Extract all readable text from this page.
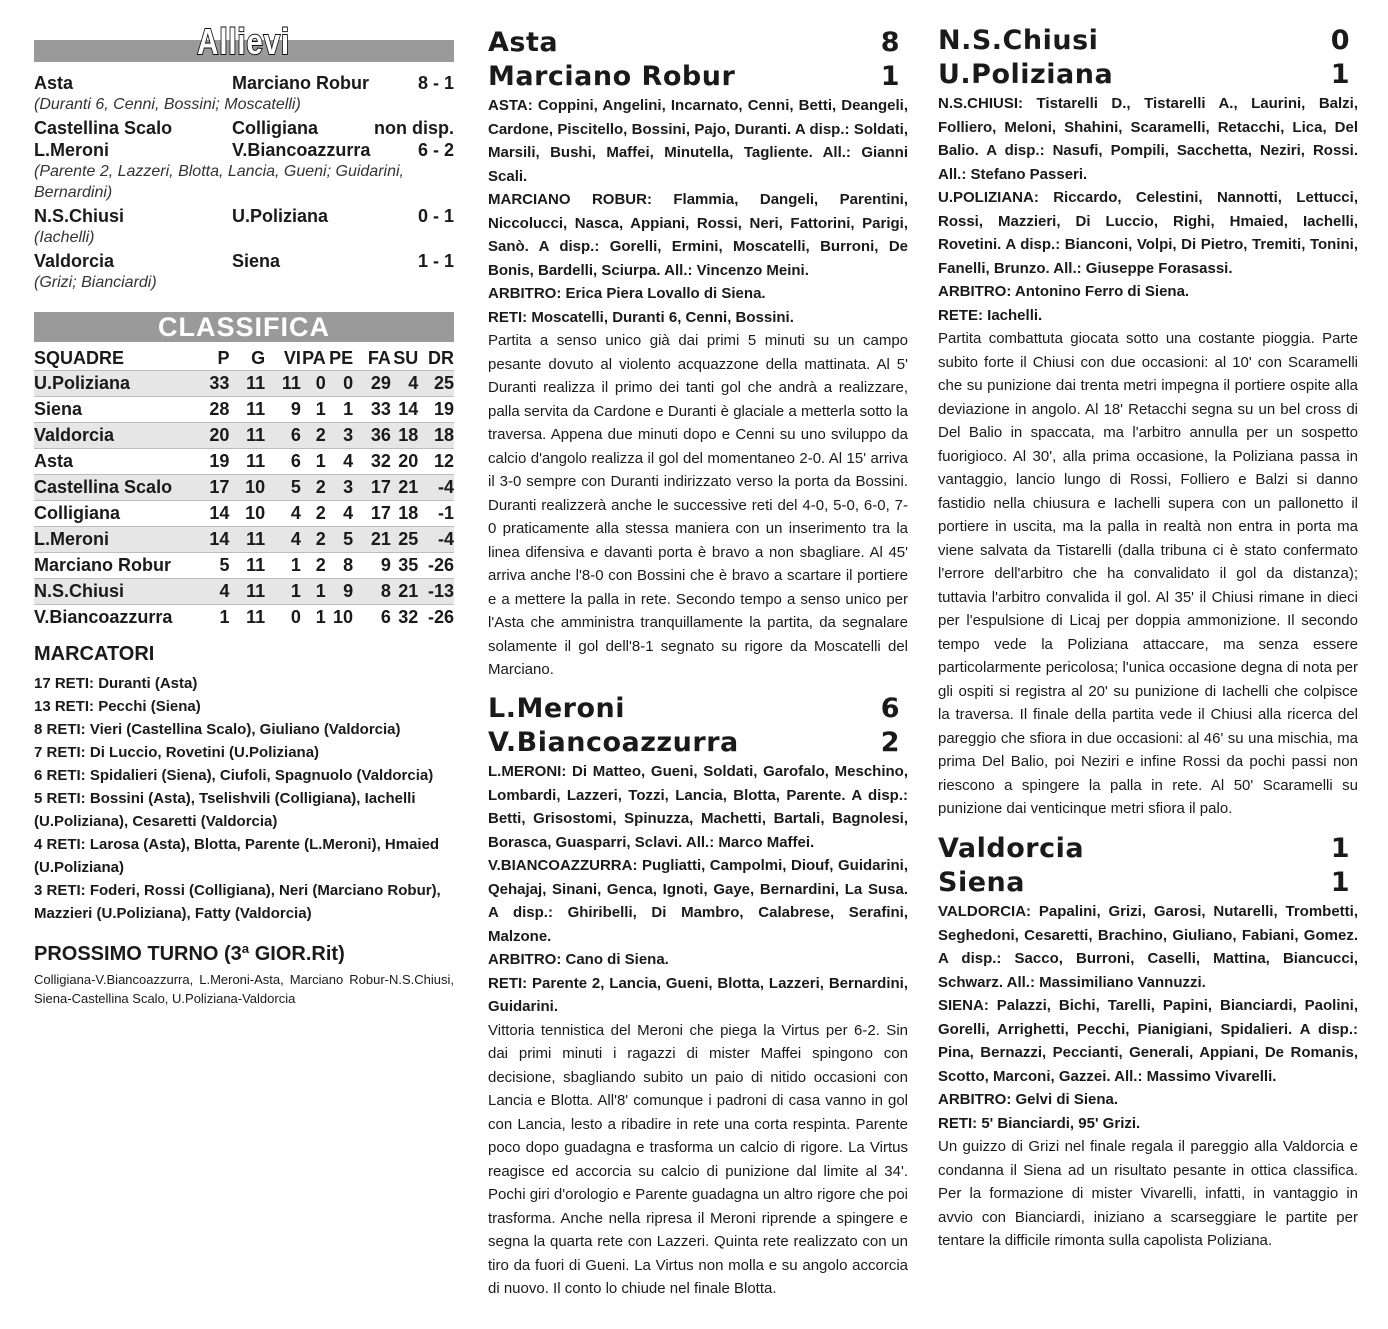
Allievi
Asta	Marciano Robur	8 - 1
(Duranti 6, Cenni, Bossini; Moscatelli)
Castellina Scalo	Colligiana	non disp.
L.Meroni	V.Biancoazzurra	6 - 2
(Parente 2, Lazzeri, Blotta, Lancia, Gueni; Guidarini, Bernardini)
N.S.Chiusi	U.Poliziana	0 - 1
(Iachelli)
Valdorcia	Siena	1 - 1
(Grizi; Bianciardi)
CLASSIFICA
SQUADRE	P	G	VI	PA	PE	FA	SU	DR
U.Poliziana	33	11	11	0	0	29	4	25
Siena	28	11	9	1	1	33	14	19
Valdorcia	20	11	6	2	3	36	18	18
Asta	19	11	6	1	4	32	20	12
Castellina Scalo	17	10	5	2	3	17	21	-4
Colligiana	14	10	4	2	4	17	18	-1
L.Meroni	14	11	4	2	5	21	25	-4
Marciano Robur	5	11	1	2	8	9	35	-26
N.S.Chiusi	4	11	1	1	9	8	21	-13
V.Biancoazzurra	1	11	0	1	10	6	32	-26
MARCATORI
17 RETI: Duranti (Asta)
13 RETI: Pecchi (Siena)
8 RETI: Vieri (Castellina Scalo), Giuliano (Valdorcia)
7 RETI: Di Luccio, Rovetini (U.Poliziana)
6 RETI: Spidalieri (Siena), Ciufoli, Spagnuolo (Valdorcia)
5 RETI: Bossini (Asta), Tselishvili (Colligiana), Iachelli (U.Poliziana), Cesaretti (Valdorcia)
4 RETI: Larosa (Asta), Blotta, Parente (L.Meroni), Hmaied (U.Poliziana)
3 RETI: Foderi, Rossi (Colligiana), Neri (Marciano Robur), Mazzieri (U.Poliziana), Fatty (Valdorcia)
PROSSIMO TURNO (3ª GIOR.Rit)
Colligiana-V.Biancoazzurra, L.Meroni-Asta, Marciano Robur-N.S.Chiusi, Siena-Castellina Scalo, U.Poliziana-Valdorcia
Asta	8
Marciano Robur	1
ASTA: Coppini, Angelini, Incarnato, Cenni, Betti, Deangeli, Cardone, Piscitello, Bossini, Pajo, Duranti. A disp.: Soldati, Marsili, Bushi, Maffei, Minutella, Tagliente. All.: Gianni Scali.
MARCIANO ROBUR: Flammia, Dangeli, Parentini, Niccolucci, Nasca, Appiani, Rossi, Neri, Fattorini, Parigi, Sanò. A disp.: Gorelli, Ermini, Moscatelli, Burroni, De Bonis, Bardelli, Sciurpa. All.: Vincenzo Meini.
ARBITRO: Erica Piera Lovallo di Siena.
RETI: Moscatelli, Duranti 6, Cenni, Bossini.
Partita a senso unico già dai primi 5 minuti su un campo pesante dovuto al violento acquazzone della mattinata. Al 5' Duranti realizza il primo dei tanti gol che andrà a realizzare, palla servita da Cardone e Duranti è glaciale a metterla sotto la traversa. Appena due minuti dopo e Cenni su uno sviluppo da calcio d'angolo realizza il gol del momentaneo 2-0. Al 15' arriva il 3-0 sempre con Duranti indirizzato verso la porta da Bossini. Duranti realizzerà anche le successive reti del 4-0, 5-0, 6-0, 7-0 praticamente alla stessa maniera con un inserimento tra la linea difensiva e davanti porta è bravo a non sbagliare. Al 45' arriva anche l'8-0 con Bossini che è bravo a scartare il portiere e a mettere la palla in rete. Secondo tempo a senso unico per l'Asta che amministra tranquillamente la partita, da segnalare solamente il gol dell'8-1 segnato su rigore da Moscatelli del Marciano.
L.Meroni	6
V.Biancoazzurra	2
L.MERONI: Di Matteo, Gueni, Soldati, Garofalo, Meschino, Lombardi, Lazzeri, Tozzi, Lancia, Blotta, Parente. A disp.: Betti, Grisostomi, Spinuzza, Machetti, Bartali, Bagnolesi, Borasca, Guasparri, Sclavi. All.: Marco Maffei.
V.BIANCOAZZURRA: Pugliatti, Campolmi, Diouf, Guidarini, Qehajaj, Sinani, Genca, Ignoti, Gaye, Bernardini, La Susa. A disp.: Ghiribelli, Di Mambro, Calabrese, Serafini, Malzone.
ARBITRO: Cano di Siena.
RETI: Parente 2, Lancia, Gueni, Blotta, Lazzeri, Bernardini, Guidarini.
Vittoria tennistica del Meroni che piega la Virtus per 6-2. Sin dai primi minuti i ragazzi di mister Maffei spingono con decisione, sbagliando subito un paio di nitido occasioni con Lancia e Blotta. All'8' comunque i padroni di casa vanno in gol con Lancia, lesto a ribadire in rete una corta respinta. Parente poco dopo guadagna e trasforma un calcio di rigore. La Virtus reagisce ed accorcia su calcio di punizione dal limite al 34'. Pochi giri d'orologio e Parente guadagna un altro rigore che poi trasforma. Anche nella ripresa il Meroni riprende a spingere e segna la quarta rete con Lazzeri. Quinta rete realizzato con un tiro da fuori di Gueni. La Virtus non molla e su angolo accorcia di nuovo. Il conto lo chiude nel finale Blotta.
N.S.Chiusi	0
U.Poliziana	1
N.S.CHIUSI: Tistarelli D., Tistarelli A., Laurini, Balzi, Folliero, Meloni, Shahini, Scaramelli, Retacchi, Lica, Del Balio. A disp.: Nasufi, Pompili, Sacchetta, Neziri, Rossi. All.: Stefano Passeri.
U.POLIZIANA: Riccardo, Celestini, Nannotti, Lettucci, Rossi, Mazzieri, Di Luccio, Righi, Hmaied, Iachelli, Rovetini. A disp.: Bianconi, Volpi, Di Pietro, Tremiti, Tonini, Fanelli, Brunzo. All.: Giuseppe Forasassi.
ARBITRO: Antonino Ferro di Siena.
RETE: Iachelli.
Partita combattuta giocata sotto una costante pioggia. Parte subito forte il Chiusi con due occasioni: al 10' con Scaramelli che su punizione dai trenta metri impegna il portiere ospite alla deviazione in angolo. Al 18' Retacchi segna su un bel cross di Del Balio in spaccata, ma l'arbitro annulla per un sospetto fuorigioco. Al 30', alla prima occasione, la Poliziana passa in vantaggio, lancio lungo di Rossi, Folliero e Balzi si danno fastidio nella chiusura e Iachelli supera con un pallonetto il portiere in uscita, ma la palla in realtà non entra in porta ma viene salvata da Tistarelli (dalla tribuna ci è stato confermato l'errore dell'arbitro che ha convalidato il gol da distanza); tuttavia l'arbitro convalida il gol. Al 35' il Chiusi rimane in dieci per l'espulsione di Licaj per doppia ammonizione. Il secondo tempo vede la Poliziana attaccare, ma senza essere particolarmente pericolosa; l'unica occasione degna di nota per gli ospiti si registra al 20' su punizione di Iachelli che colpisce la traversa. Il finale della partita vede il Chiusi alla ricerca del pareggio che sfiora in due occasioni: al 46' su una mischia, ma prima Del Balio, poi Neziri e infine Rossi da pochi passi non riescono a spingere la palla in rete. Al 50' Scaramelli su punizione dai venticinque metri sfiora il palo.
Valdorcia	1
Siena	1
VALDORCIA: Papalini, Grizi, Garosi, Nutarelli, Trombetti, Seghedoni, Cesaretti, Brachino, Giuliano, Fabiani, Gomez. A disp.: Sacco, Burroni, Caselli, Mattina, Biancucci, Schwarz. All.: Massimiliano Vannuzzi.
SIENA: Palazzi, Bichi, Tarelli, Papini, Bianciardi, Paolini, Gorelli, Arrighetti, Pecchi, Pianigiani, Spidalieri. A disp.: Pina, Bernazzi, Peccianti, Generali, Appiani, De Romanis, Scotto, Marconi, Gazzei. All.: Massimo Vivarelli.
ARBITRO: Gelvi di Siena.
RETI: 5' Bianciardi, 95' Grizi.
Un guizzo di Grizi nel finale regala il pareggio alla Valdorcia e condanna il Siena ad un risultato pesante in ottica classifica. Per la formazione di mister Vivarelli, infatti, in vantaggio in avvio con Bianciardi, iniziano a scarseggiare le partite per tentare la difficile rimonta sulla capolista Poliziana.
